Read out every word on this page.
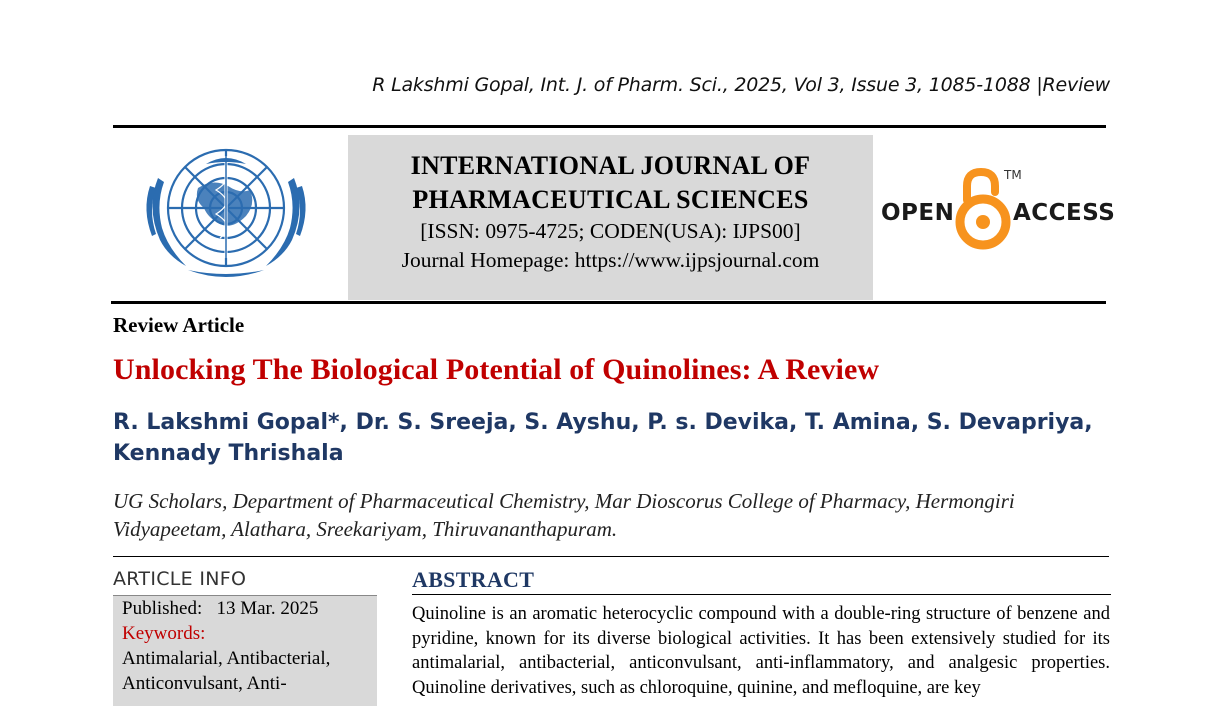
R Lakshmi Gopal, Int. J. of Pharm. Sci., 2025, Vol 3, Issue 3, 1085-1088 |Review
INTERNATIONAL JOURNAL OF
PHARMACEUTICAL SCIENCES
[ISSN: 0975-4725; CODEN(USA): IJPS00]
Journal Homepage: https://www.ijpsjournal.com
OPEN
TM
ACCESS
Review Article
Unlocking The Biological Potential of Quinolines: A Review
R. Lakshmi Gopal*, Dr. S. Sreeja, S. Ayshu, P. s. Devika, T. Amina, S. Devapriya,
Kennady Thrishala
UG Scholars, Department of Pharmaceutical Chemistry, Mar Dioscorus College of Pharmacy, Hermongiri Vidyapeetam, Alathara, Sreekariyam, Thiruvananthapuram.
ARTICLE INFO
Published: 13 Mar. 2025
Keywords:
Antimalarial, Antibacterial,
Anticonvulsant, Anti-
ABSTRACT
Quinoline is an aromatic heterocyclic compound with a double-ring structure of benzene and pyridine, known for its diverse biological activities. It has been extensively studied for its antimalarial, antibacterial, anticonvulsant, anti-inflammatory, and analgesic properties. Quinoline derivatives, such as chloroquine, quinine, and mefloquine, are key
